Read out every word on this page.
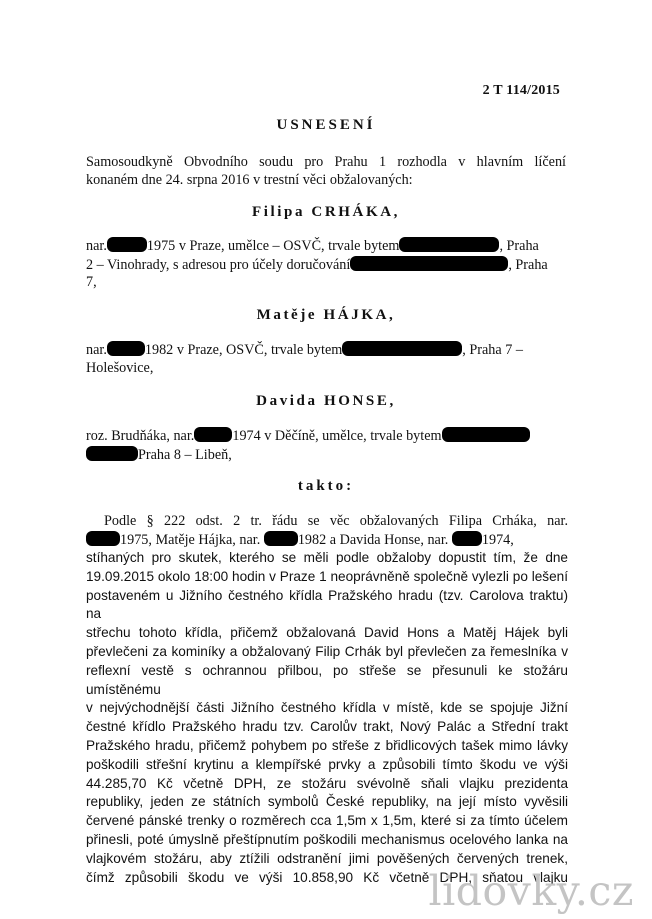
2 T 114/2015
USNESENÍ
Samosoudkyně Obvodního soudu pro Prahu 1 rozhodla v hlavním líčení
konaném dne 24. srpna 2016 v trestní věci obžalovaných:
Filipa CRHÁKA,
nar.	1975 v Praze, umělce – OSVČ, trvale bytem	, Praha
2 – Vinohrady, s adresou pro účely doručování	, Praha
7,
Matěje HÁJKA,
nar.	1982 v Praze, OSVČ, trvale bytem	, Praha 7 –
Holešovice,
Davida HONSE,
roz. Brudňáka, nar.	1974 v Děčíně, umělce, trvale bytem
Praha 8 – Libeň,
takto:
Podle § 222 odst. 2 tr. řádu se věc obžalovaných Filipa Crháka, nar.
1975, Matěje Hájka, nar.	1982 a Davida Honse, nar. 1974,
stíhaných pro skutek, kterého se měli podle obžaloby dopustit tím, že dne
19.09.2015 okolo 18:00 hodin v Praze 1 neoprávněně společně vylezli po lešení
postaveném u Jižního čestného křídla Pražského hradu (tzv. Carolova traktu) na
střechu tohoto křídla, přičemž obžalovaná David Hons a Matěj Hájek byli
převlečeni za kominíky a obžalovaný Filip Crhák byl převlečen za řemeslníka v
reflexní vestě s ochrannou přilbou, po střeše se přesunuli ke stožáru umístěnému
v nejvýchodnější části Jižního čestného křídla v místě, kde se spojuje Jižní
čestné křídlo Pražského hradu tzv. Carolův trakt, Nový Palác a Střední trakt
Pražského hradu, přičemž pohybem po střeše z břidlicových tašek mimo lávky
poškodili střešní krytinu a klempířské prvky a způsobili tímto škodu ve výši
44.285,70 Kč včetně DPH, ze stožáru svévolně sňali vlajku prezidenta
republiky, jeden ze státních symbolů České republiky, na její místo vyvěsili
červené pánské trenky o rozměrech cca 1,5m x 1,5m, které si za tímto účelem
přinesli, poté úmyslně přeštípnutím poškodili mechanismus ocelového lanka na
vlajkovém stožáru, aby ztížili odstranění jimi pověšených červených trenek,
čímž způsobili škodu ve výši 10.858,90 Kč včetně DPH, sňatou vlajku
lidovky.cz
